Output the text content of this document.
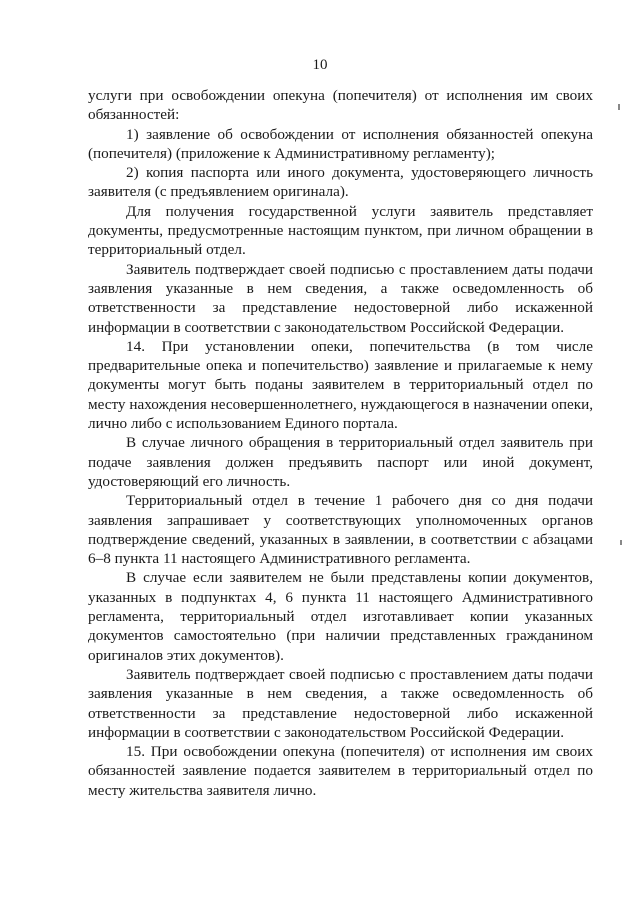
10

услуги при освобождении опекуна (попечителя) от исполнения им своих обязанностей:

1) заявление об освобождении от исполнения обязанностей опекуна (попечителя) (приложение к Административному регламенту);

2) копия паспорта или иного документа, удостоверяющего личность заявителя (с предъявлением оригинала).

Для получения государственной услуги заявитель представляет документы, предусмотренные настоящим пунктом, при личном обращении в территориальный отдел.

Заявитель подтверждает своей подписью с проставлением даты подачи заявления указанные в нем сведения, а также осведомленность об ответственности за представление недостоверной либо искаженной информации в соответствии с законодательством Российской Федерации.

14. При установлении опеки, попечительства (в том числе предварительные опека и попечительство) заявление и прилагаемые к нему документы могут быть поданы заявителем в территориальный отдел по месту нахождения несовершеннолетнего, нуждающегося в назначении опеки, лично либо с использованием Единого портала.

В случае личного обращения в территориальный отдел заявитель при подаче заявления должен предъявить паспорт или иной документ, удостоверяющий его личность.

Территориальный отдел в течение 1 рабочего дня со дня подачи заявления запрашивает у соответствующих уполномоченных органов подтверждение сведений, указанных в заявлении, в соответствии с абзацами 6–8 пункта 11 настоящего Административного регламента.

В случае если заявителем не были представлены копии документов, указанных в подпунктах 4, 6 пункта 11 настоящего Административного регламента, территориальный отдел изготавливает копии указанных документов самостоятельно (при наличии представленных гражданином оригиналов этих документов).

Заявитель подтверждает своей подписью с проставлением даты подачи заявления указанные в нем сведения, а также осведомленность об ответственности за представление недостоверной либо искаженной информации в соответствии с законодательством Российской Федерации.

15. При освобождении опекуна (попечителя) от исполнения им своих обязанностей заявление подается заявителем в территориальный отдел по месту жительства заявителя лично.
